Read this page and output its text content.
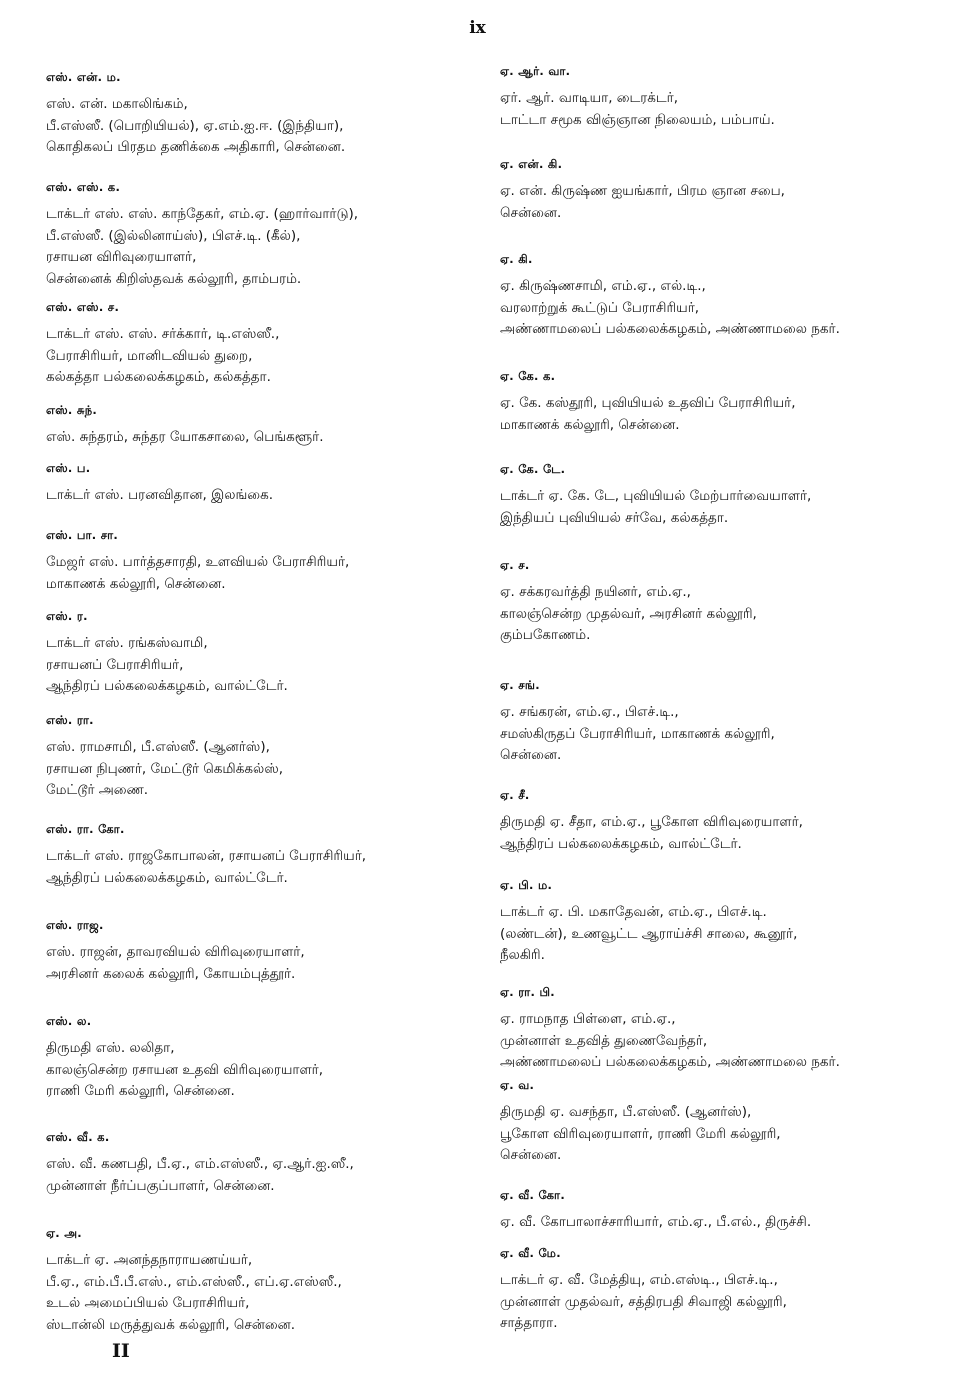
ix
எஸ். என். ம.
எஸ். என். மகாலிங்கம்,
பீ.எஸ்ஸீ. (பொறியியல்), ஏ.எம்.ஐ.ஈ. (இந்தியா),
கொதிகலப் பிரதம தணிக்கை அதிகாரி, சென்னை.
எஸ். எஸ். க.
டாக்டர் எஸ். எஸ். காந்தேகர், எம்.ஏ. (ஹார்வார்டு),
பீ.எஸ்ஸீ. (இல்லினாய்ஸ்), பிஎச்.டி. (கீல்),
ரசாயன விரிவுரையாளர்,
சென்னைக் கிறிஸ்தவக் கல்லூரி, தாம்பரம்.
எஸ். எஸ். ச.
டாக்டர் எஸ். எஸ். சர்க்கார், டி.எஸ்ஸீ.,
பேராசிரியர், மானிடவியல் துறை,
கல்கத்தா பல்கலைக்கழகம், கல்கத்தா.
எஸ். சுந்.
எஸ். சுந்தரம், சுந்தர யோகசாலை, பெங்களூர்.
எஸ். ப.
டாக்டர் எஸ். பரனவிதான, இலங்கை.
எஸ். பா. சா.
மேஜர் எஸ். பார்த்தசாரதி, உளவியல் பேராசிரியர்,
மாகாணக் கல்லூரி, சென்னை.
எஸ். ர.
டாக்டர் எஸ். ரங்கஸ்வாமி,
ரசாயனப் பேராசிரியர்,
ஆந்திரப் பல்கலைக்கழகம், வால்ட்டேர்.
எஸ். ரா.
எஸ். ராமசாமி, பீ.எஸ்ஸீ. (ஆனர்ஸ்),
ரசாயன நிபுணர், மேட்டூர் கெமிக்கல்ஸ்,
மேட்டூர் அணை.
எஸ். ரா. கோ.
டாக்டர் எஸ். ராஜகோபாலன், ரசாயனப் பேராசிரியர்,
ஆந்திரப் பல்கலைக்கழகம், வால்ட்டேர்.
எஸ். ராஜ.
எஸ். ராஜன், தாவரவியல் விரிவுரையாளர்,
அரசினர் கலைக் கல்லூரி, கோயம்புத்தூர்.
எஸ். ல.
திருமதி எஸ். லலிதா,
காலஞ்சென்ற ரசாயன உதவி விரிவுரையாளர்,
ராணி மேரி கல்லூரி, சென்னை.
எஸ். வீ. க.
எஸ். வீ. கணபதி, பீ.ஏ., எம்.எஸ்ஸீ., ஏ.ஆர்.ஐ.ஸீ.,
முன்னாள் நீர்ப்பகுப்பாளர், சென்னை.
ஏ. அ.
டாக்டர் ஏ. அனந்தநாராயணய்யர்,
பீ.ஏ., எம்.பீ.பீ.எஸ்., எம்.எஸ்ஸீ., எப்.ஏ.எஸ்ஸீ.,
உடல் அமைப்பியல் பேராசிரியர்,
ஸ்டான்லி மருத்துவக் கல்லூரி, சென்னை.
ஏ. ஆர். வா.
ஏர். ஆர். வாடியா, டைரக்டர்,
டாட்டா சமூக விஞ்ஞான நிலையம், பம்பாய்.
ஏ. என். கி.
ஏ. என். கிருஷ்ண ஐயங்கார், பிரம ஞான சபை,
சென்னை.
ஏ. கி.
ஏ. கிருஷ்ணசாமி, எம்.ஏ., எல்.டி.,
வரலாற்றுக் கூட்டுப் பேராசிரியர்,
அண்ணாமலைப் பல்கலைக்கழகம், அண்ணாமலை நகர்.
ஏ. கே. க.
ஏ. கே. கஸ்தூரி, புவியியல் உதவிப் பேராசிரியர்,
மாகாணக் கல்லூரி, சென்னை.
ஏ. கே. டே.
டாக்டர் ஏ. கே. டே, புவியியல் மேற்பார்வையாளர்,
இந்தியப் புவியியல் சர்வே, கல்கத்தா.
ஏ. ச.
ஏ. சக்கரவர்த்தி நயினர், எம்.ஏ.,
காலஞ்சென்ற முதல்வர், அரசினர் கல்லூரி,
கும்பகோணம்.
ஏ. சங்.
ஏ. சங்கரன், எம்.ஏ., பிஎச்.டி.,
சமஸ்கிருதப் பேராசிரியர், மாகாணக் கல்லூரி,
சென்னை.
ஏ. சீ.
திருமதி ஏ. சீதா, எம்.ஏ., பூகோள விரிவுரையாளர்,
ஆந்திரப் பல்கலைக்கழகம், வால்ட்டேர்.
ஏ. பி. ம.
டாக்டர் ஏ. பி. மகாதேவன், எம்.ஏ., பிஎச்.டி.
(லண்டன்), உணவூட்ட ஆராய்ச்சி சாலை, கூனூர்,
நீலகிரி.
ஏ. ரா. பி.
ஏ. ராமநாத பிள்ளை, எம்.ஏ.,
முன்னாள் உதவித் துணைவேந்தர்,
அண்ணாமலைப் பல்கலைக்கழகம், அண்ணாமலை நகர்.
ஏ. வ.
திருமதி ஏ. வசந்தா, பீ.எஸ்ஸீ. (ஆனர்ஸ்),
பூகோள விரிவுரையாளர், ராணி மேரி கல்லூரி,
சென்னை.
ஏ. வீ. கோ.
ஏ. வீ. கோபாலாச்சாரியார், எம்.ஏ., பீ.எல்., திருச்சி.
ஏ. வீ. மே.
டாக்டர் ஏ. வீ. மேத்தியு, எம்.எஸ்டி., பிஎச்.டி.,
முன்னாள் முதல்வர், சத்திரபதி சிவாஜி கல்லூரி,
சாத்தாரா.
II
